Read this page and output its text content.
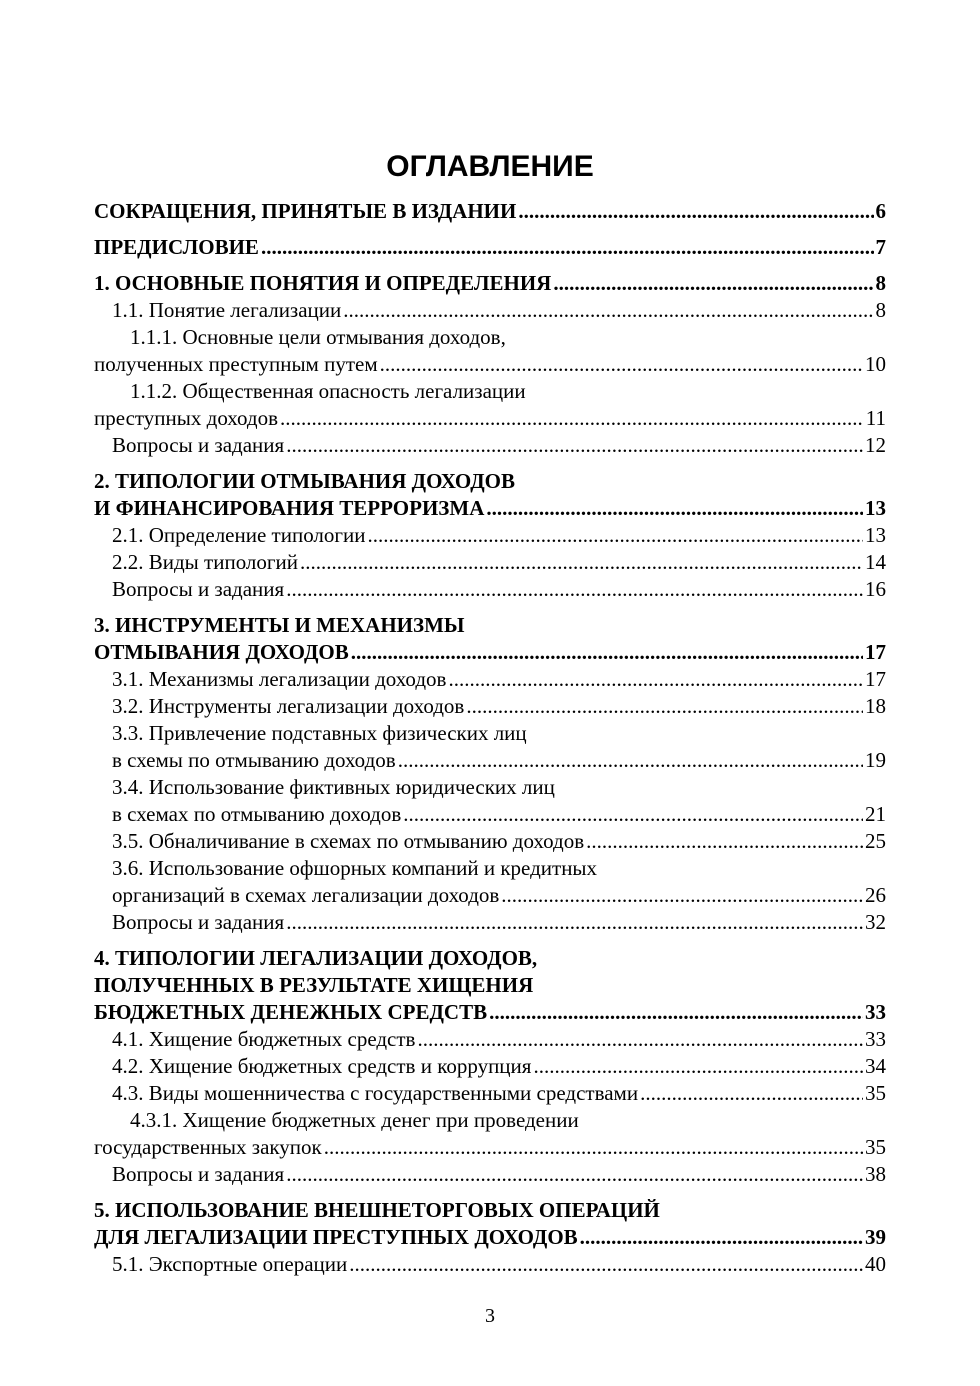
ОГЛАВЛЕНИЕ
СОКРАЩЕНИЯ, ПРИНЯТЫЕ В ИЗДАНИИ .....	6
ПРЕДИСЛОВИЕ .....	7
1. ОСНОВНЫЕ ПОНЯТИЯ И ОПРЕДЕЛЕНИЯ .....	8
1.1. Понятие легализации .....	8
1.1.1. Основные цели отмывания доходов,
полученных преступным путем .....	10
1.1.2. Общественная опасность легализации
преступных доходов .....	11
Вопросы и задания .....	12
2. ТИПОЛОГИИ ОТМЫВАНИЯ ДОХОДОВ
И ФИНАНСИРОВАНИЯ ТЕРРОРИЗМА .....	13
2.1. Определение типологии .....	13
2.2. Виды типологий .....	14
Вопросы и задания .....	16
3. ИНСТРУМЕНТЫ И МЕХАНИЗМЫ
ОТМЫВАНИЯ ДОХОДОВ .....	17
3.1. Механизмы легализации доходов .....	17
3.2. Инструменты легализации доходов .....	18
3.3. Привлечение подставных физических лиц
в схемы по отмыванию доходов .....	19
3.4. Использование фиктивных юридических лиц
в схемах по отмыванию доходов .....	21
3.5. Обналичивание в схемах по отмыванию доходов .....	25
3.6. Использование офшорных компаний и кредитных
организаций в схемах легализации доходов .....	26
Вопросы и задания .....	32
4. ТИПОЛОГИИ ЛЕГАЛИЗАЦИИ ДОХОДОВ,
ПОЛУЧЕННЫХ В РЕЗУЛЬТАТЕ ХИЩЕНИЯ
БЮДЖЕТНЫХ ДЕНЕЖНЫХ СРЕДСТВ .....	33
4.1. Хищение бюджетных средств .....	33
4.2. Хищение бюджетных средств и коррупция .....	34
4.3. Виды мошенничества с государственными средствами .....	35
4.3.1. Хищение бюджетных денег при проведении
государственных закупок .....	35
Вопросы и задания .....	38
5. ИСПОЛЬЗОВАНИЕ ВНЕШНЕТОРГОВЫХ ОПЕРАЦИЙ
ДЛЯ ЛЕГАЛИЗАЦИИ ПРЕСТУПНЫХ ДОХОДОВ .....	39
5.1. Экспортные операции .....	40
3
